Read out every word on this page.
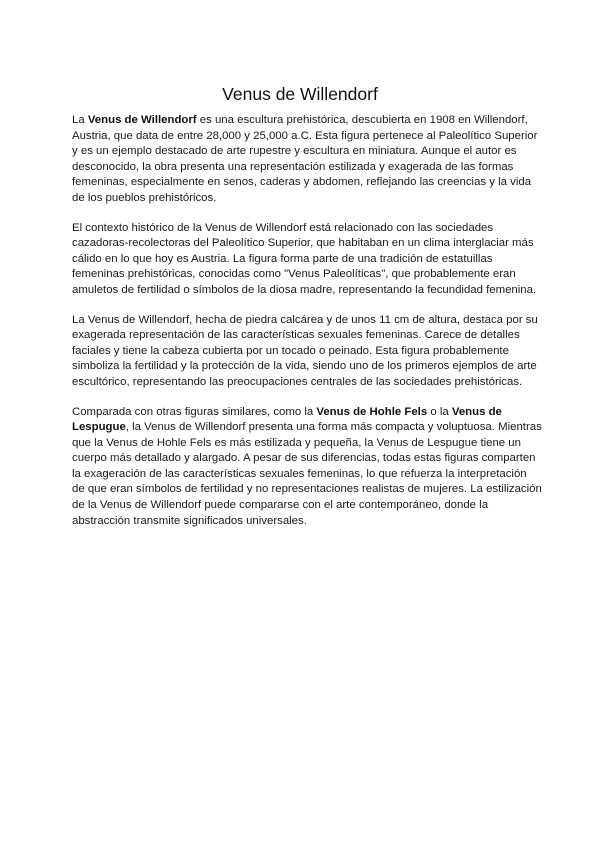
Venus de Willendorf

La Venus de Willendorf es una escultura prehistórica, descubierta en 1908 en Willendorf, Austria, que data de entre 28,000 y 25,000 a.C. Esta figura pertenece al Paleolítico Superior y es un ejemplo destacado de arte rupestre y escultura en miniatura. Aunque el autor es desconocido, la obra presenta una representación estilizada y exagerada de las formas femeninas, especialmente en senos, caderas y abdomen, reflejando las creencias y la vida de los pueblos prehistóricos.

El contexto histórico de la Venus de Willendorf está relacionado con las sociedades cazadoras-recolectoras del Paleolítico Superior, que habitaban en un clima interglaciar más cálido en lo que hoy es Austria. La figura forma parte de una tradición de estatuillas femeninas prehistóricas, conocidas como "Venus Paleolíticas", que probablemente eran amuletos de fertilidad o símbolos de la diosa madre, representando la fecundidad femenina.

La Venus de Willendorf, hecha de piedra calcárea y de unos 11 cm de altura, destaca por su exagerada representación de las características sexuales femeninas. Carece de detalles faciales y tiene la cabeza cubierta por un tocado o peinado. Esta figura probablemente simboliza la fertilidad y la protección de la vida, siendo uno de los primeros ejemplos de arte escultórico, representando las preocupaciones centrales de las sociedades prehistóricas.

Comparada con otras figuras similares, como la Venus de Hohle Fels o la Venus de Lespugue, la Venus de Willendorf presenta una forma más compacta y voluptuosa. Mientras que la Venus de Hohle Fels es más estilizada y pequeña, la Venus de Lespugue tiene un cuerpo más detallado y alargado. A pesar de sus diferencias, todas estas figuras comparten la exageración de las características sexuales femeninas, lo que refuerza la interpretación de que eran símbolos de fertilidad y no representaciones realistas de mujeres. La estilización de la Venus de Willendorf puede compararse con el arte contemporáneo, donde la abstracción transmite significados universales.
